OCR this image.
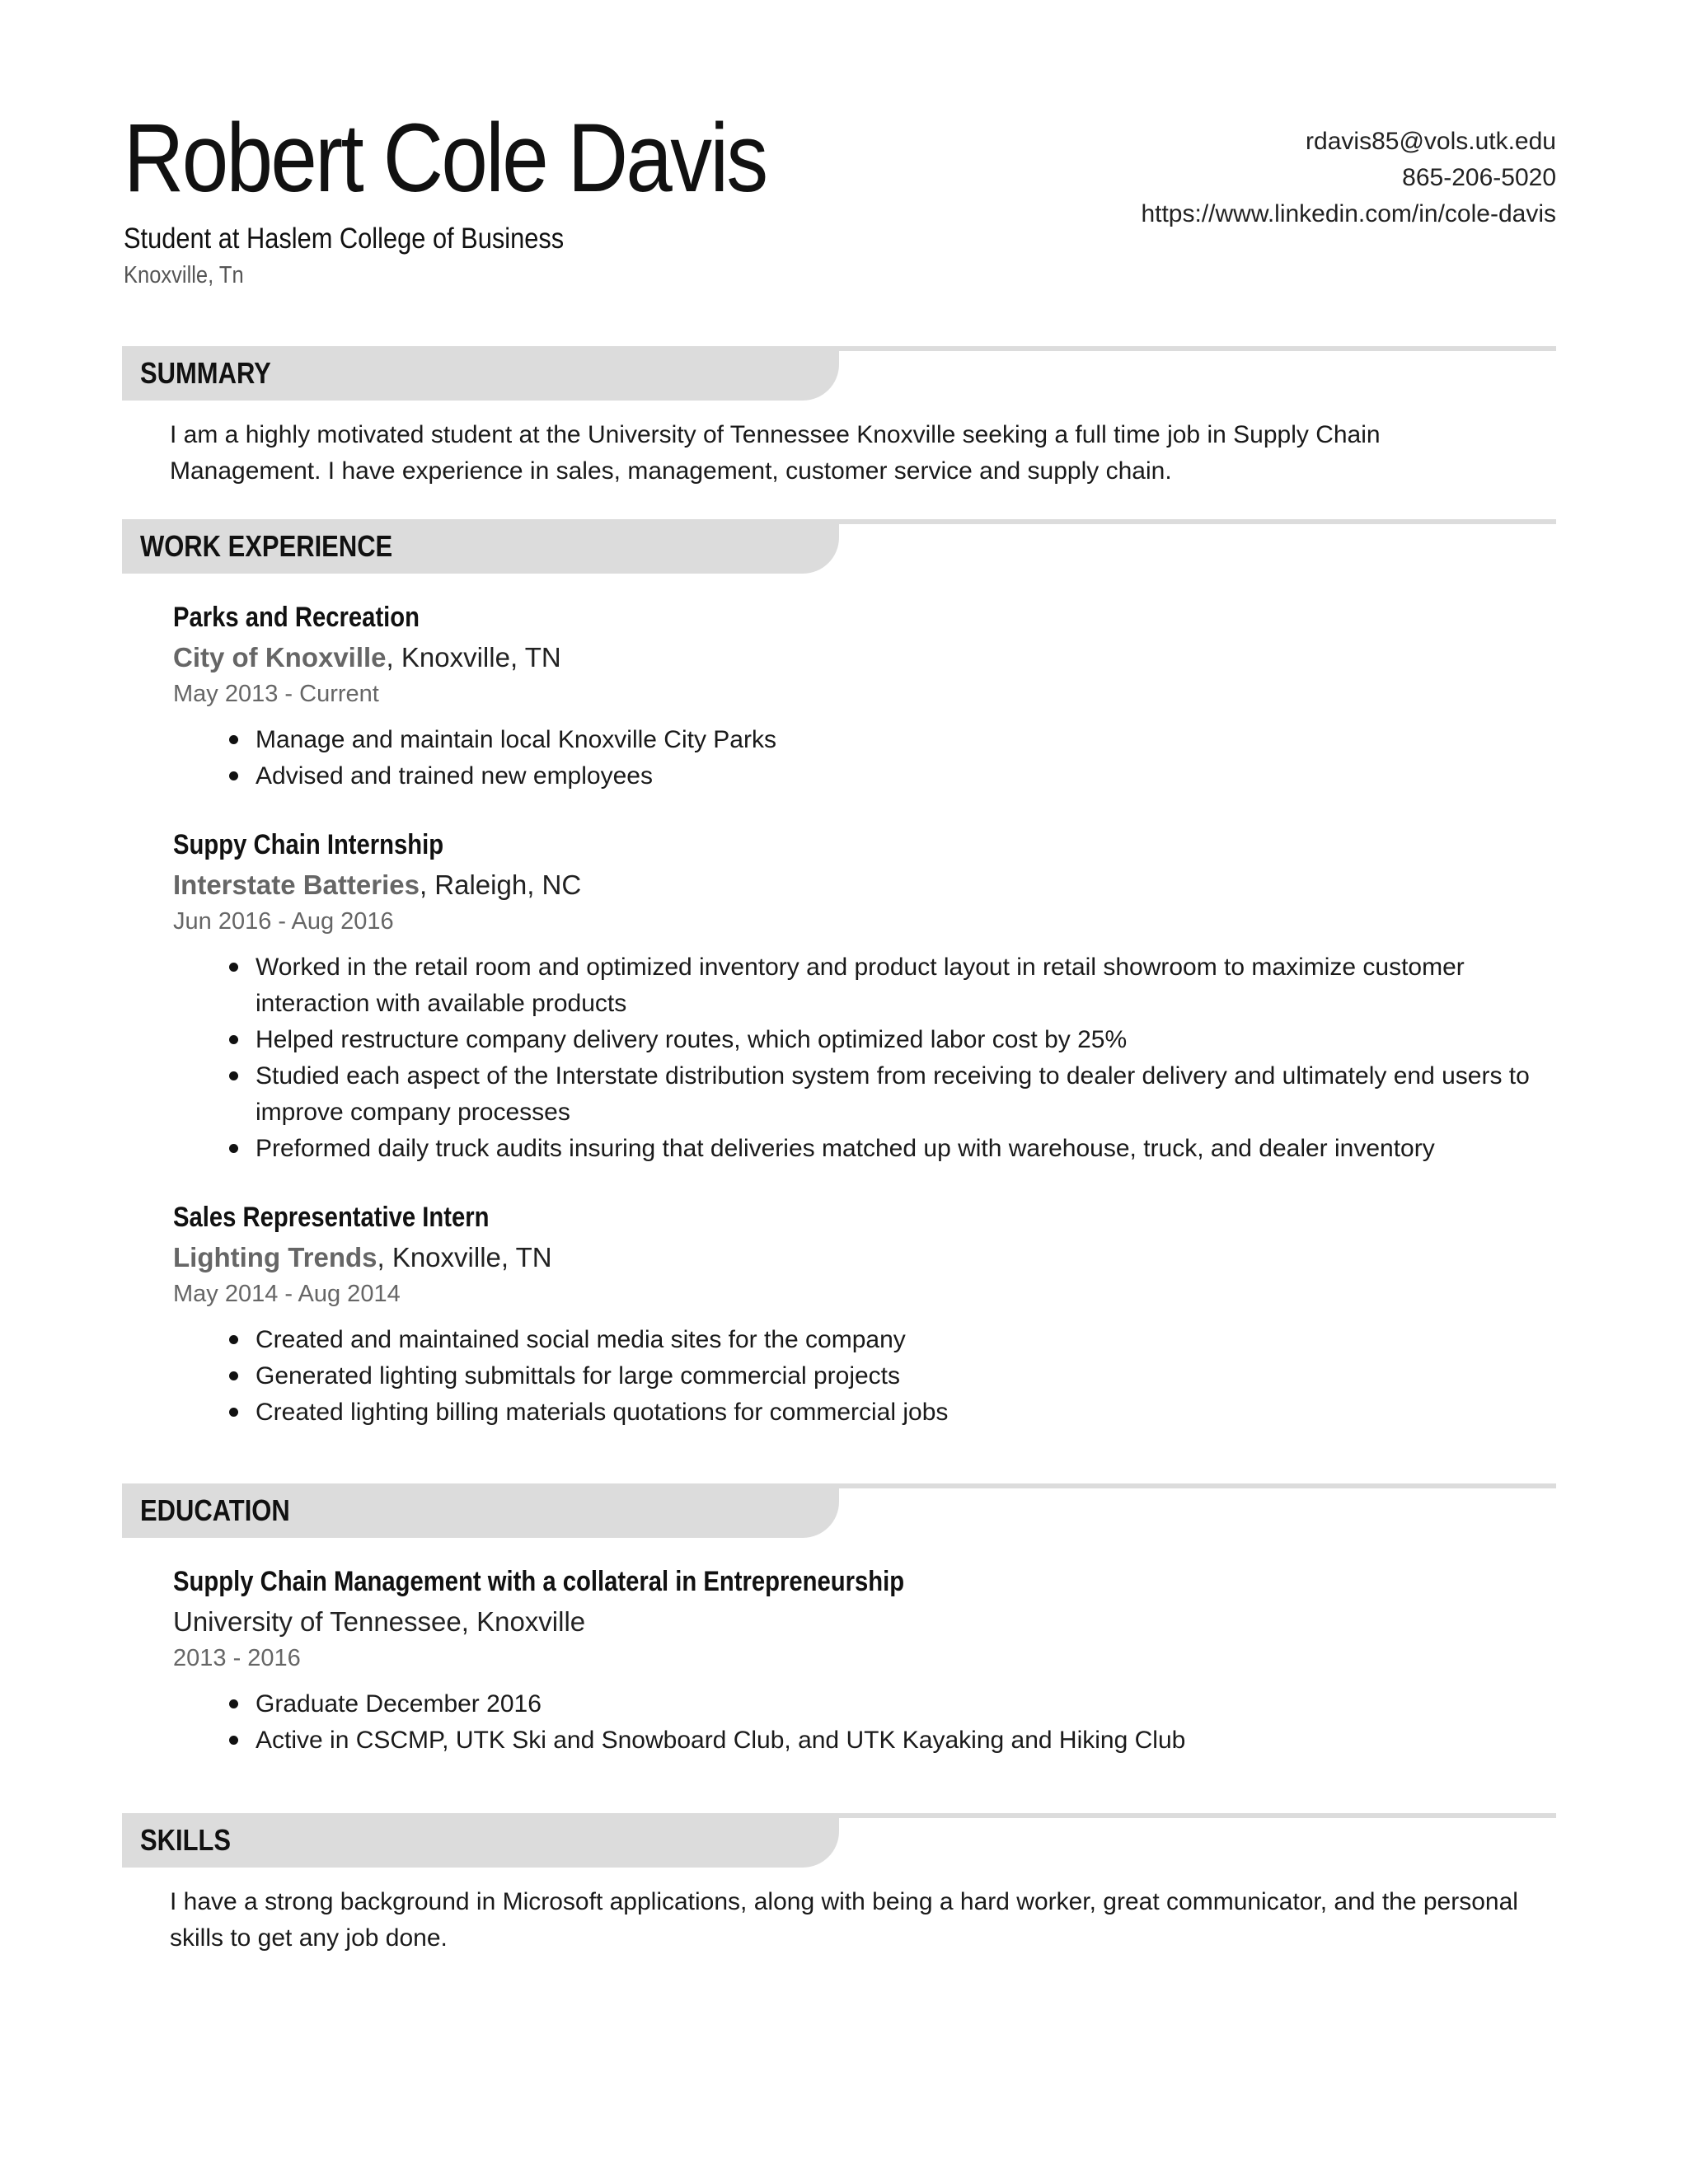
Robert Cole Davis
Student at Haslem College of Business
Knoxville, Tn
rdavis85@vols.utk.edu
865-206-5020
https://www.linkedin.com/in/cole-davis
SUMMARY
I am a highly motivated student at the University of Tennessee Knoxville seeking a full time job in Supply Chain Management. I have experience in sales, management, customer service and supply chain.
WORK EXPERIENCE
Parks and Recreation
City of Knoxville, Knoxville, TN
May 2013 - Current
Manage and maintain local Knoxville City Parks
Advised and trained new employees
Suppy Chain Internship
Interstate Batteries, Raleigh, NC
Jun 2016 - Aug 2016
Worked in the retail room and optimized inventory and product layout in retail showroom to maximize customer interaction with available products
Helped restructure company delivery routes, which optimized labor cost by 25%
Studied each aspect of the Interstate distribution system from receiving to dealer delivery and ultimately end users to improve company processes
Preformed daily truck audits insuring that deliveries matched up with warehouse, truck, and dealer inventory
Sales Representative Intern
Lighting Trends, Knoxville, TN
May 2014 - Aug 2014
Created and maintained social media sites for the company
Generated lighting submittals for large commercial projects
Created lighting billing materials quotations for commercial jobs
EDUCATION
Supply Chain Management with a collateral in Entrepreneurship
University of Tennessee, Knoxville
2013 - 2016
Graduate December 2016
Active in CSCMP, UTK Ski and Snowboard Club, and UTK Kayaking and Hiking Club
SKILLS
I have a strong background in Microsoft applications, along with being a hard worker, great communicator, and the personal skills to get any job done.
